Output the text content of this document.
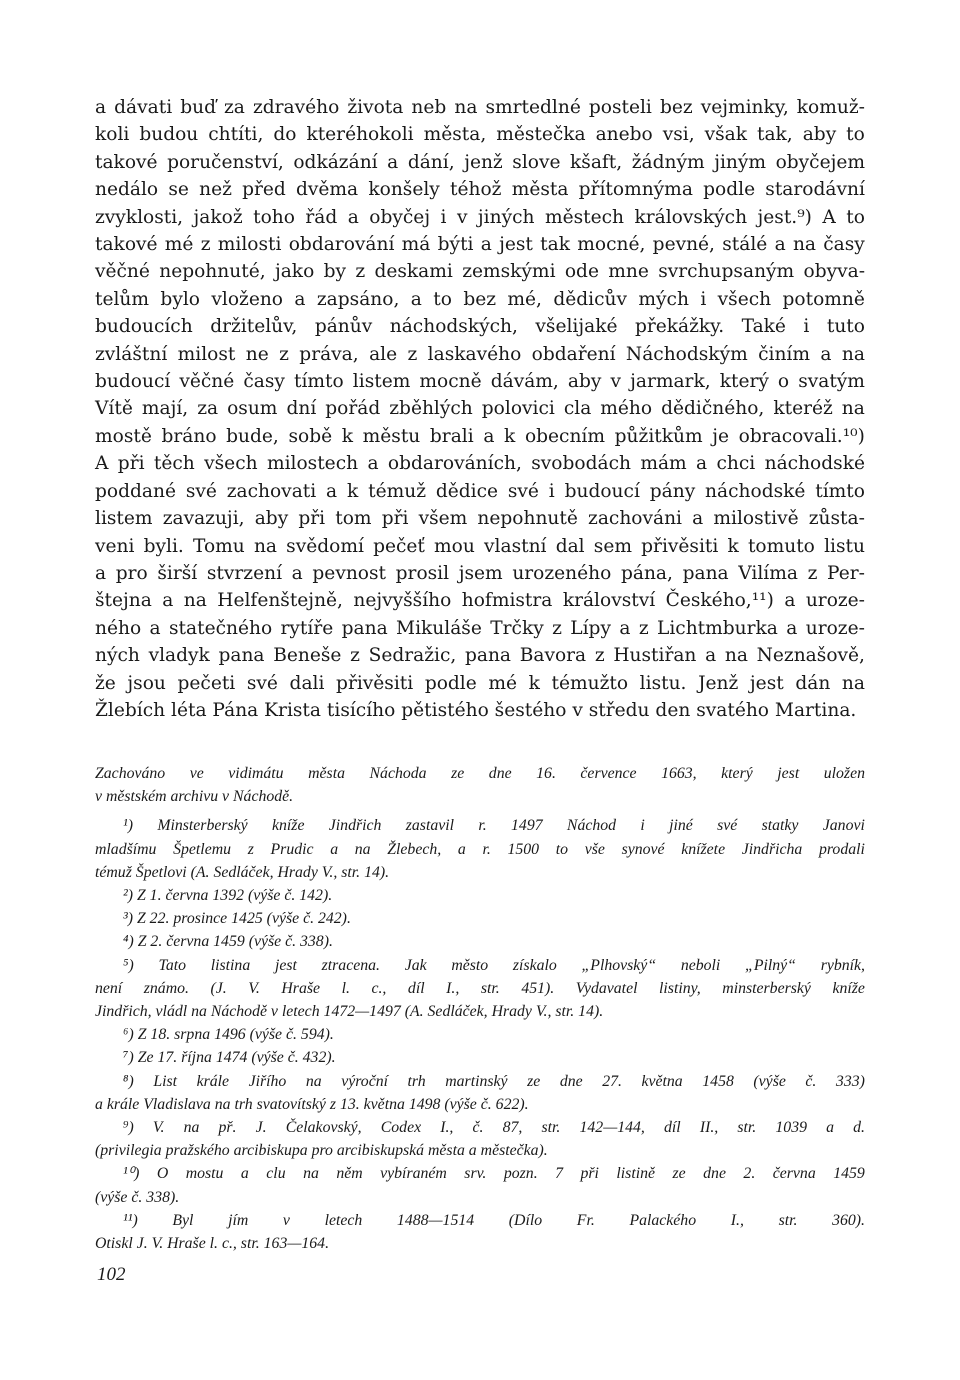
a dávati buď za zdravého života neb na smrtedlné posteli bez vejminky, komuž-
koli budou chtíti, do kteréhokoli města, městečka anebo vsi, však tak, aby to
takové poručenství, odkázání a dání, jenž slove kšaft, žádným jiným obyčejem
nedálo se než před dvěma konšely téhož města přítomnýma podle starodávní
zvyklosti, jakož toho řád a obyčej i v jiných městech královských jest.⁹) A to
takové mé z milosti obdarování má býti a jest tak mocné, pevné, stálé a na časy
věčné nepohnuté, jako by z deskami zemskými ode mne svrchupsaným obyva-
telům bylo vloženo a zapsáno, a to bez mé, dědicův mých i všech potomně
budoucích držitelův, pánův náchodských, všelijaké překážky. Také i tuto
zvláštní milost ne z práva, ale z laskavého obdaření Náchodským činím a na
budoucí věčné časy tímto listem mocně dávám, aby v jarmark, který o svatým
Vítě mají, za osum dní pořád zběhlých polovici cla mého dědičného, kteréž na
mostě bráno bude, sobě k městu brali a k obecním půžitkům je obracovali.¹⁰)
A při těch všech milostech a obdarováních, svobodách mám a chci náchodské
poddané své zachovati a k témuž dědice své i budoucí pány náchodské tímto
listem zavazuji, aby při tom při všem nepohnutě zachováni a milostivě zůsta-
veni byli. Tomu na svědomí pečeť mou vlastní dal sem přivěsiti k tomuto listu
a pro širší stvrzení a pevnost prosil jsem urozeného pána, pana Vilíma z Per-
štejna a na Helfenštejně, nejvyššího hofmistra království Českého,¹¹) a uroze-
ného a statečného rytíře pana Mikuláše Trčky z Lípy a z Lichtmburka a uroze-
ných vladyk pana Beneše z Sedražic, pana Bavora z Hustiřan a na Neznašově,
že jsou pečeti své dali přivěsiti podle mé k témužto listu. Jenž jest dán na
Žlebích léta Pána Krista tisícího pětistého šestého v středu den svatého Martina.
Zachováno ve vidimátu města Náchoda ze dne 16. července 1663, který jest uložen
v městském archivu v Náchodě.
¹) Minsterberský kníže Jindřich zastavil r. 1497 Náchod i jiné své statky Janovi
mladšímu Špetlemu z Prudic a na Žlebech, a r. 1500 to vše synové knížete Jindřicha prodali
témuž Špetlovi (A. Sedláček, Hrady V., str. 14).
²) Z 1. června 1392 (výše č. 142).
³) Z 22. prosince 1425 (výše č. 242).
⁴) Z 2. června 1459 (výše č. 338).
⁵) Tato listina jest ztracena. Jak město získalo „Plhovský“ neboli „Pilný“ rybník,
není známo. (J. V. Hraše l. c., díl I., str. 451). Vydavatel listiny, minsterberský kníže
Jindřich, vládl na Náchodě v letech 1472—1497 (A. Sedláček, Hrady V., str. 14).
⁶) Z 18. srpna 1496 (výše č. 594).
⁷) Ze 17. října 1474 (výše č. 432).
⁸) List krále Jiřího na výroční trh martinský ze dne 27. května 1458 (výše č. 333)
a krále Vladislava na trh svatovítský z 13. května 1498 (výše č. 622).
⁹) V. na př. J. Čelakovský, Codex I., č. 87, str. 142—144, díl II., str. 1039 a d.
(privilegia pražského arcibiskupa pro arcibiskupská města a městečka).
¹⁰) O mostu a clu na něm vybíraném srv. pozn. 7 při listině ze dne 2. června 1459
(výše č. 338).
¹¹) Byl jím v letech 1488—1514 (Dílo Fr. Palackého I., str. 360).
Otiskl J. V. Hraše l. c., str. 163—164.
102
